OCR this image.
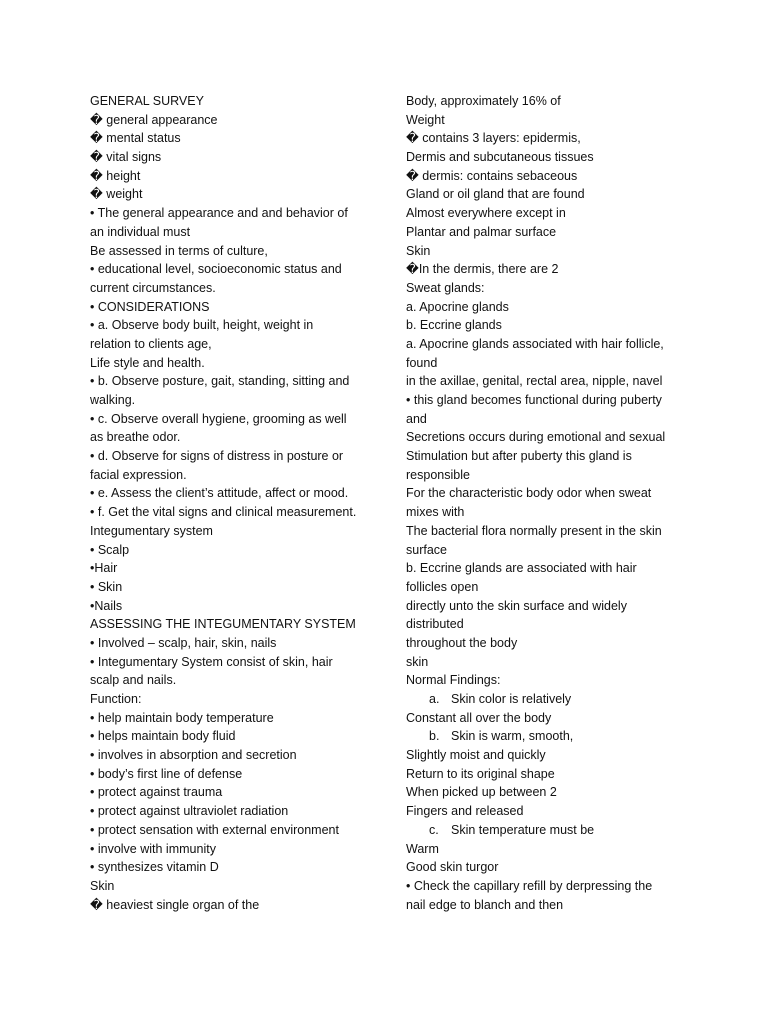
GENERAL SURVEY
� general appearance
� mental status
� vital signs
� height
� weight
• The general appearance and and behavior of
an individual must
Be assessed in terms of culture,
• educational level, socioeconomic status and
current circumstances.
• CONSIDERATIONS
• a. Observe body built, height, weight in
relation to clients age,
Life style and health.
• b. Observe posture, gait, standing, sitting and
walking.
• c. Observe overall hygiene, grooming as well
as breathe odor.
• d. Observe for signs of distress in posture or
facial expression.
• e. Assess the client’s attitude, affect or mood.
• f. Get the vital signs and clinical measurement.
Integumentary system
• Scalp
•Hair
• Skin
•Nails
ASSESSING THE INTEGUMENTARY SYSTEM
• Involved – scalp, hair, skin, nails
• Integumentary System consist of skin, hair
scalp and nails.
Function:
• help maintain body temperature
• helps maintain body fluid
• involves in absorption and secretion
• body’s first line of defense
• protect against trauma
• protect against ultraviolet radiation
• protect sensation with external environment
• involve with immunity
• synthesizes vitamin D
Skin
� heaviest single organ of the
Body, approximately 16% of
Weight
� contains 3 layers: epidermis,
Dermis and subcutaneous tissues
� dermis: contains sebaceous
Gland or oil gland that are found
Almost everywhere except in
Plantar and palmar surface
Skin
�In the dermis, there are 2
Sweat glands:
a. Apocrine glands
b. Eccrine glands
a. Apocrine glands associated with hair follicle,
found
in the axillae, genital, rectal area, nipple, navel
• this gland becomes functional during puberty
and
Secretions occurs during emotional and sexual
Stimulation but after puberty this gland is
responsible
For the characteristic body odor when sweat
mixes with
The bacterial flora normally present in the skin
surface
b. Eccrine glands are associated with hair
follicles open
directly unto the skin surface and widely
distributed
throughout the body
skin
Normal Findings:
a. Skin color is relatively
Constant all over the body
b. Skin is warm, smooth,
Slightly moist and quickly
Return to its original shape
When picked up between 2
Fingers and released
c. Skin temperature must be
Warm
Good skin turgor
• Check the capillary refill by derpressing the
nail edge to blanch and then
